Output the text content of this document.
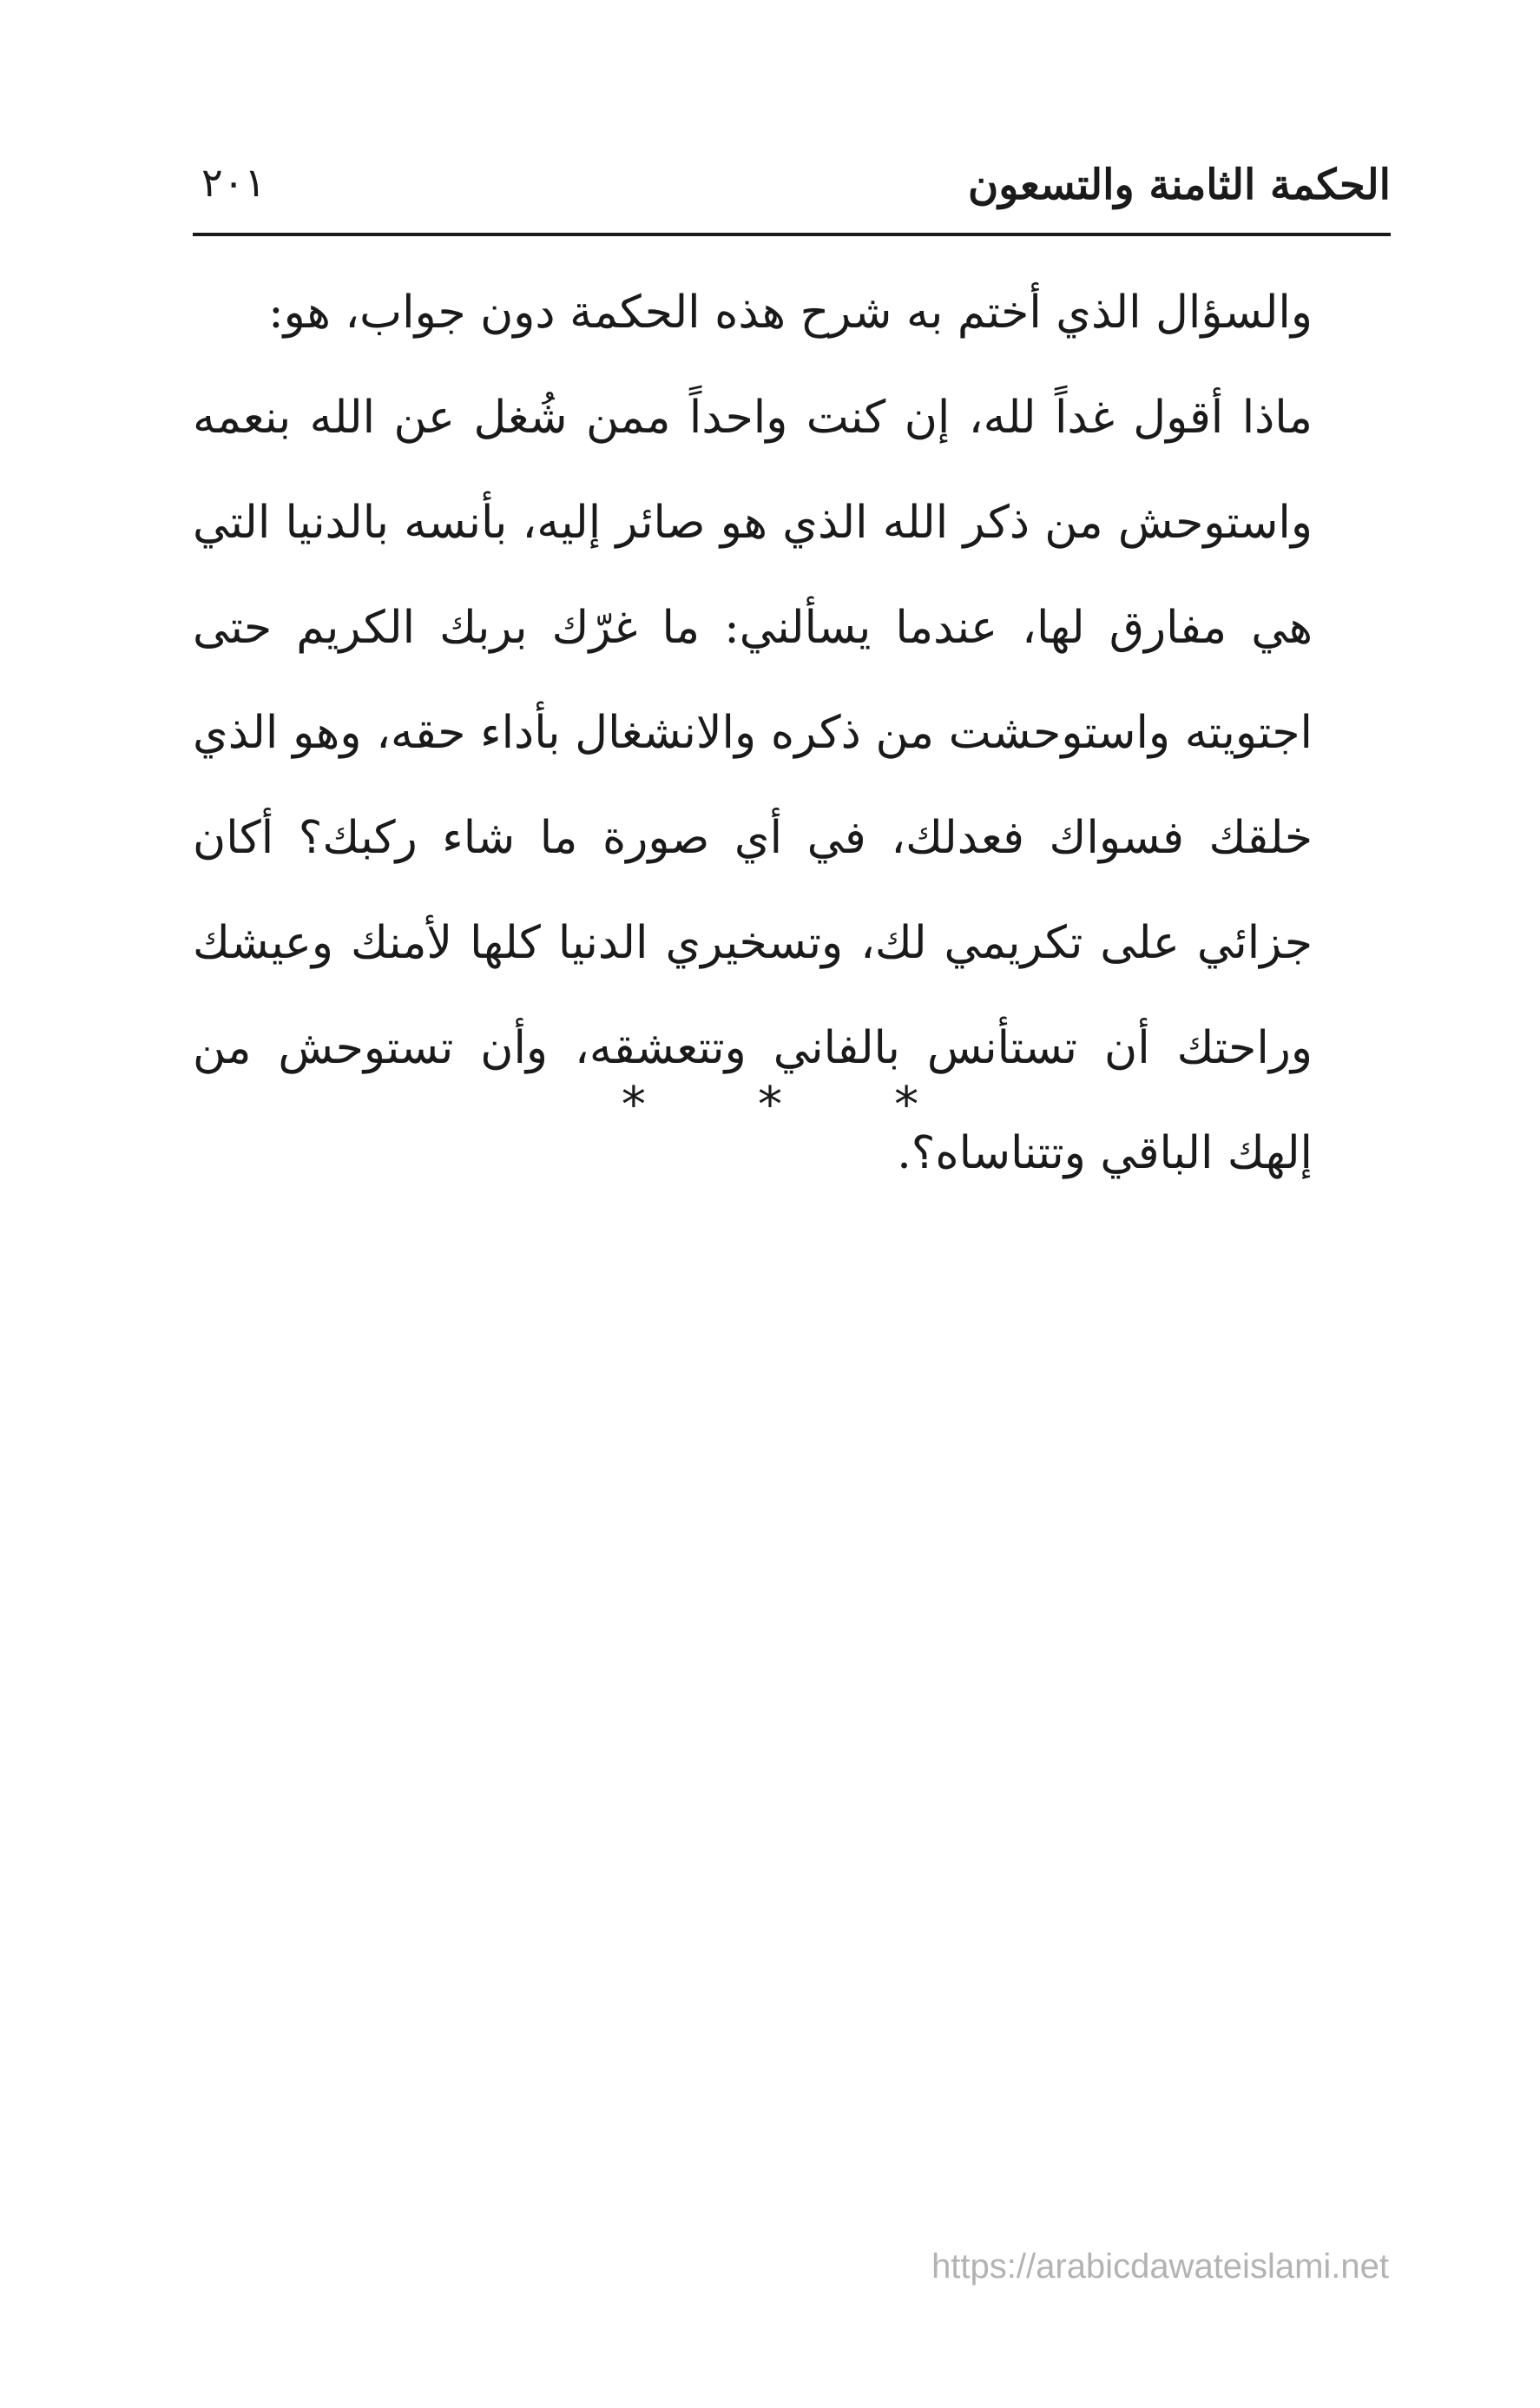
الحكمة الثامنة والتسعون
٢٠١

والسؤال الذي أختم به شرح هذه الحكمة دون جواب، هو:

ماذا أقول غداً لله، إن كنت واحداً ممن شُغل عن الله بنعمه واستوحش من ذكر الله الذي هو صائر إليه، بأنسه بالدنيا التي هي مفارق لها، عندما يسألني: ما غرّك بربك الكريم حتى اجتويته واستوحشت من ذكره والانشغال بأداء حقه، وهو الذي خلقك فسواك فعدلك، في أي صورة ما شاء ركبك؟ أكان جزائي على تكريمي لك، وتسخيري الدنيا كلها لأمنك وعيشك وراحتك أن تستأنس بالفاني وتتعشقه، وأن تستوحش من إلهك الباقي وتتناساه؟.

* * *
https://arabicdawateislami.net
